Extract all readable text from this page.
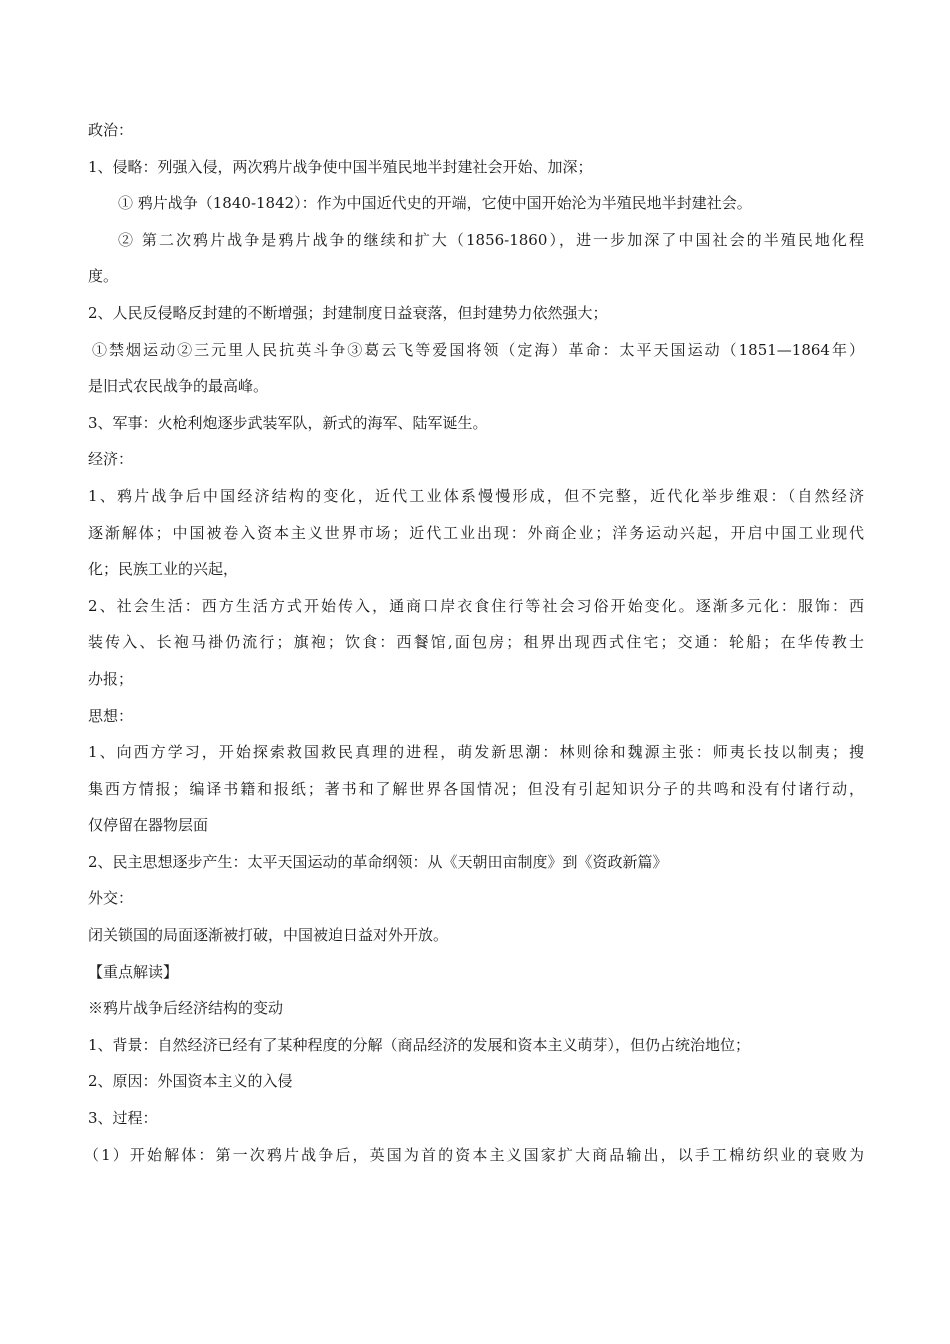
政治：
1、侵略：列强入侵，两次鸦片战争使中国半殖民地半封建社会开始、加深；
① 鸦片战争（1840-1842）：作为中国近代史的开端，它使中国开始沦为半殖民地半封建社会。
② 第二次鸦片战争是鸦片战争的继续和扩大（1856-1860），进一步加深了中国社会的半殖民地化程
度。
2、人民反侵略反封建的不断增强；封建制度日益衰落，但封建势力依然强大；
①禁烟运动②三元里人民抗英斗争③葛云飞等爱国将领（定海）革命：太平天国运动（1851—1864年）
是旧式农民战争的最高峰。
3、军事：火枪利炮逐步武装军队，新式的海军、陆军诞生。
经济：
1、鸦片战争后中国经济结构的变化，近代工业体系慢慢形成，但不完整，近代化举步维艰：（自然经济
逐渐解体；中国被卷入资本主义世界市场；近代工业出现：外商企业；洋务运动兴起，开启中国工业现代
化；民族工业的兴起，
2、社会生活：西方生活方式开始传入，通商口岸衣食住行等社会习俗开始变化。逐渐多元化：服饰：西
装传入、长袍马褂仍流行；旗袍；饮食：西餐馆,面包房；租界出现西式住宅；交通：轮船；在华传教士
办报；
思想：
1、向西方学习，开始探索救国救民真理的进程，萌发新思潮：林则徐和魏源主张：师夷长技以制夷；搜
集西方情报；编译书籍和报纸；著书和了解世界各国情况；但没有引起知识分子的共鸣和没有付诸行动，
仅停留在器物层面
2、民主思想逐步产生：太平天国运动的革命纲领：从《天朝田亩制度》到《资政新篇》
外交：
闭关锁国的局面逐渐被打破，中国被迫日益对外开放。
【重点解读】
※鸦片战争后经济结构的变动
1、背景：自然经济已经有了某种程度的分解（商品经济的发展和资本主义萌芽），但仍占统治地位；
2、原因：外国资本主义的入侵
3、过程：
（1）开始解体：第一次鸦片战争后，英国为首的资本主义国家扩大商品输出，以手工棉纺织业的衰败为
